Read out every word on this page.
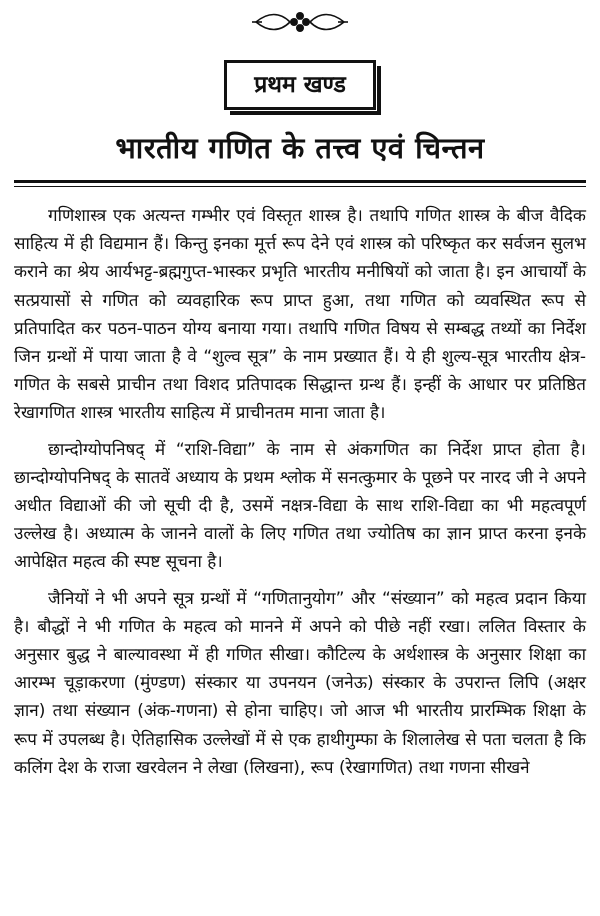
प्रथम खण्ड
भारतीय गणित के तत्त्व एवं चिन्तन

गणिशास्त्र एक अत्यन्त गम्भीर एवं विस्तृत शास्त्र है। तथापि गणित शास्त्र के बीज वैदिक साहित्य में ही विद्यमान हैं। किन्तु इनका मूर्त्त रूप देने एवं शास्त्र को परिष्कृत कर सर्वजन सुलभ कराने का श्रेय आर्यभट्ट-ब्रह्मगुप्त-भास्कर प्रभृति भारतीय मनीषियों को जाता है। इन आचार्यों के सत्प्रयासों से गणित को व्यवहारिक रूप प्राप्त हुआ, तथा गणित को व्यवस्थित रूप से प्रतिपादित कर पठन-पाठन योग्य बनाया गया। तथापि गणित विषय से सम्बद्ध तथ्यों का निर्देश जिन ग्रन्थों में पाया जाता है वे “शुल्व सूत्र” के नाम प्रख्यात हैं। ये ही शुल्य-सूत्र भारतीय क्षेत्र-गणित के सबसे प्राचीन तथा विशद प्रतिपादक सिद्धान्त ग्रन्थ हैं। इन्हीं के आधार पर प्रतिष्ठित रेखागणित शास्त्र भारतीय साहित्य में प्राचीनतम माना जाता है।

छान्दोग्योपनिषद् में “राशि-विद्या” के नाम से अंकगणित का निर्देश प्राप्त होता है। छान्दोग्योपनिषद् के सातवें अध्याय के प्रथम श्लोक में सनत्कुमार के पूछने पर नारद जी ने अपने अधीत विद्याओं की जो सूची दी है, उसमें नक्षत्र-विद्या के साथ राशि-विद्या का भी महत्वपूर्ण उल्लेख है। अध्यात्म के जानने वालों के लिए गणित तथा ज्योतिष का ज्ञान प्राप्त करना इनके आपेक्षित महत्व की स्पष्ट सूचना है।

जैनियों ने भी अपने सूत्र ग्रन्थों में “गणितानुयोग” और “संख्यान” को महत्व प्रदान किया है। बौद्धों ने भी गणित के महत्व को मानने में अपने को पीछे नहीं रखा। ललित विस्तार के अनुसार बुद्ध ने बाल्यावस्था में ही गणित सीखा। कौटिल्य के अर्थशास्त्र के अनुसार शिक्षा का आरम्भ चूड़ाकरणा (मुंण्डण) संस्कार या उपनयन (जनेऊ) संस्कार के उपरान्त लिपि (अक्षर ज्ञान) तथा संख्यान (अंक-गणना) से होना चाहिए। जो आज भी भारतीय प्रारम्भिक शिक्षा के रूप में उपलब्ध है। ऐतिहासिक उल्लेखों में से एक हाथीगुम्फा के शिलालेख से पता चलता है कि कलिंग देश के राजा खरवेलन ने लेखा (लिखना), रूप (रेखागणित) तथा गणना सीखने
